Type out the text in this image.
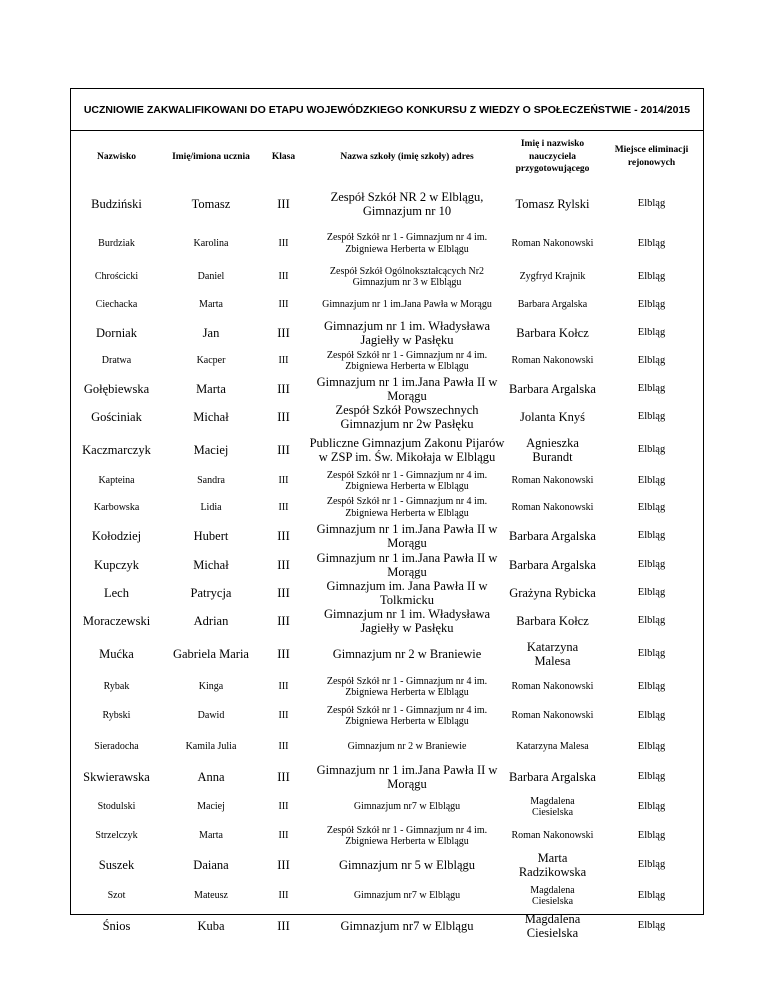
UCZNIOWIE ZAKWALIFIKOWANI DO ETAPU WOJEWÓDZKIEGO KONKURSU Z WIEDZY O SPOŁECZEŃSTWIE - 2014/2015
Nazwisko	Imię/imiona ucznia	Klasa	Nazwa szkoły (imię szkoły) adres	Imię i nazwisko nauczyciela przygotowującego	Miejsce eliminacji rejonowych
Budziński	Tomasz	III	Zespół Szkół NR 2 w Elblągu, Gimnazjum nr 10	Tomasz Rylski	Elbląg
Burdziak	Karolina	III	Zespół Szkół nr 1 - Gimnazjum nr 4 im. Zbigniewa Herberta w Elblągu	Roman Nakonowski	Elbląg
Chrościcki	Daniel	III	Zespół Szkół Ogólnokształcących Nr2 Gimnazjum nr 3 w Elblągu	Zygfryd Krajnik	Elbląg
Ciechacka	Marta	III	Gimnazjum nr 1 im.Jana Pawła w Morągu	Barbara Argalska	Elbląg
Dorniak	Jan	III	Gimnazjum nr 1 im. Władysława Jagiełły w Pasłęku	Barbara Kołcz	Elbląg
Dratwa	Kacper	III	Zespół Szkół nr 1 - Gimnazjum nr 4 im. Zbigniewa Herberta w Elblągu	Roman Nakonowski	Elbląg
Gołębiewska	Marta	III	Gimnazjum nr 1 im.Jana Pawła II w Morągu	Barbara Argalska	Elbląg
Gościniak	Michał	III	Zespół Szkół Powszechnych Gimnazjum nr 2w Pasłęku	Jolanta Knyś	Elbląg
Kaczmarczyk	Maciej	III	Publiczne Gimnazjum Zakonu Pijarów w ZSP im. Św. Mikołaja w Elblągu	Agnieszka Burandt	Elbląg
Kapteina	Sandra	III	Zespół Szkół nr 1 - Gimnazjum nr 4 im. Zbigniewa Herberta w Elblągu	Roman Nakonowski	Elbląg
Karbowska	Lidia	III	Zespół Szkół nr 1 - Gimnazjum nr 4 im. Zbigniewa Herberta w Elblągu	Roman Nakonowski	Elbląg
Kołodziej	Hubert	III	Gimnazjum nr 1 im.Jana Pawła II w Morągu	Barbara Argalska	Elbląg
Kupczyk	Michał	III	Gimnazjum nr 1 im.Jana Pawła II w Morągu	Barbara Argalska	Elbląg
Lech	Patrycja	III	Gimnazjum im. Jana Pawła II w Tolkmicku	Grażyna Rybicka	Elbląg
Moraczewski	Adrian	III	Gimnazjum nr 1 im. Władysława Jagiełły w Pasłęku	Barbara Kołcz	Elbląg
Mućka	Gabriela Maria	III	Gimnazjum nr 2 w Braniewie	Katarzyna Malesa	Elbląg
Rybak	Kinga	III	Zespół Szkół nr 1 - Gimnazjum nr 4 im. Zbigniewa Herberta w Elblągu	Roman Nakonowski	Elbląg
Rybski	Dawid	III	Zespół Szkół nr 1 - Gimnazjum nr 4 im. Zbigniewa Herberta w Elblągu	Roman Nakonowski	Elbląg
Sieradocha	Kamila Julia	III	Gimnazjum nr 2 w Braniewie	Katarzyna Malesa	Elbląg
Skwierawska	Anna	III	Gimnazjum nr 1 im.Jana Pawła II w Morągu	Barbara Argalska	Elbląg
Stodulski	Maciej	III	Gimnazjum nr7 w Elblągu	Magdalena Ciesielska	Elbląg
Strzelczyk	Marta	III	Zespół Szkół nr 1 - Gimnazjum nr 4 im. Zbigniewa Herberta w Elblągu	Roman Nakonowski	Elbląg
Suszek	Daiana	III	Gimnazjum nr 5 w Elblągu	Marta Radzikowska	Elbląg
Szot	Mateusz	III	Gimnazjum nr7 w Elblągu	Magdalena Ciesielska	Elbląg
Śnios	Kuba	III	Gimnazjum nr7 w Elblągu	Magdalena Ciesielska	Elbląg
